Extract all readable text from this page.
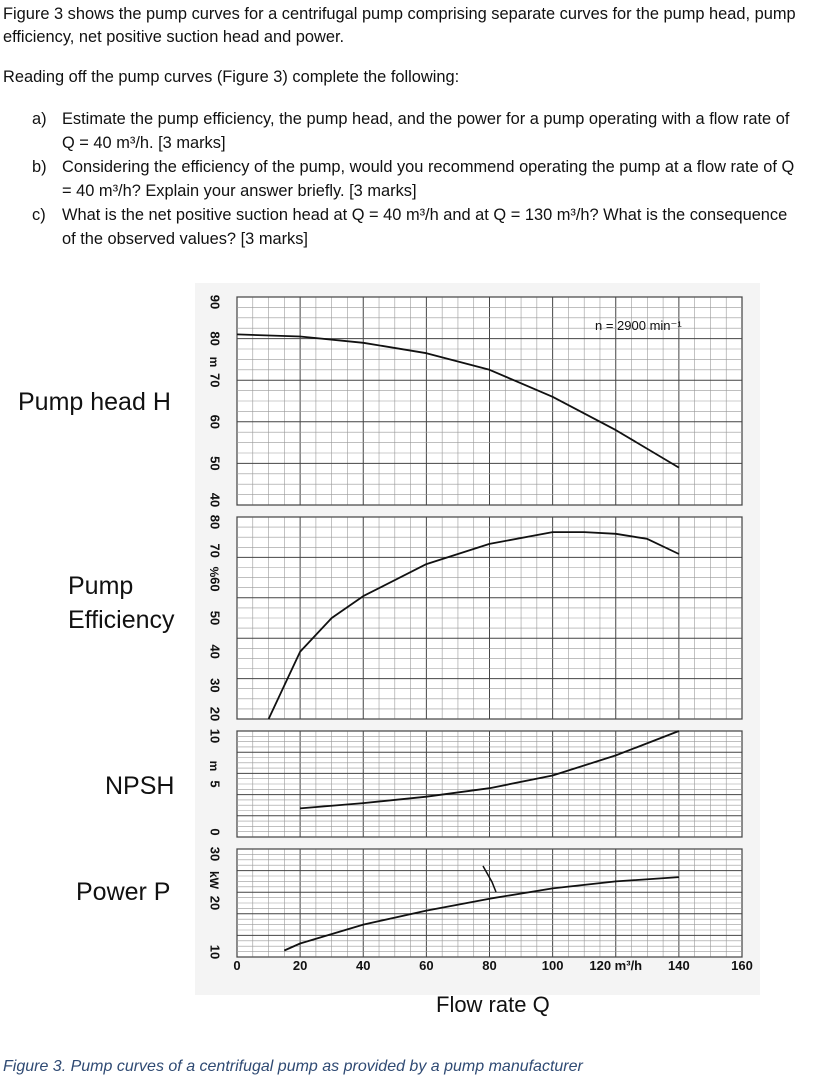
Figure 3 shows the pump curves for a centrifugal pump comprising separate curves for the pump head, pump efficiency, net positive suction head and power.

Reading off the pump curves (Figure 3) complete the following:

a) Estimate the pump efficiency, the pump head, and the power for a pump operating with a flow rate of Q = 40 m³/h. [3 marks]
b) Considering the efficiency of the pump, would you recommend operating the pump at a flow rate of Q = 40 m³/h? Explain your answer briefly. [3 marks]
c) What is the net positive suction head at Q = 40 m³/h and at Q = 130 m³/h? What is the consequence of the observed values? [3 marks]
90
80
70
60
50
40
m
80
70
60
50
40
30
20
%
10
5
0
m
30
20
10
kW
0	20	40	60	80	100 120 m³/h 140	160
Pump head H
Pump
Efficiency
NPSH
Power P
n = 2900 min⁻¹
Flow rate Q

Figure 3. Pump curves of a centrifugal pump as provided by a pump manufacturer
